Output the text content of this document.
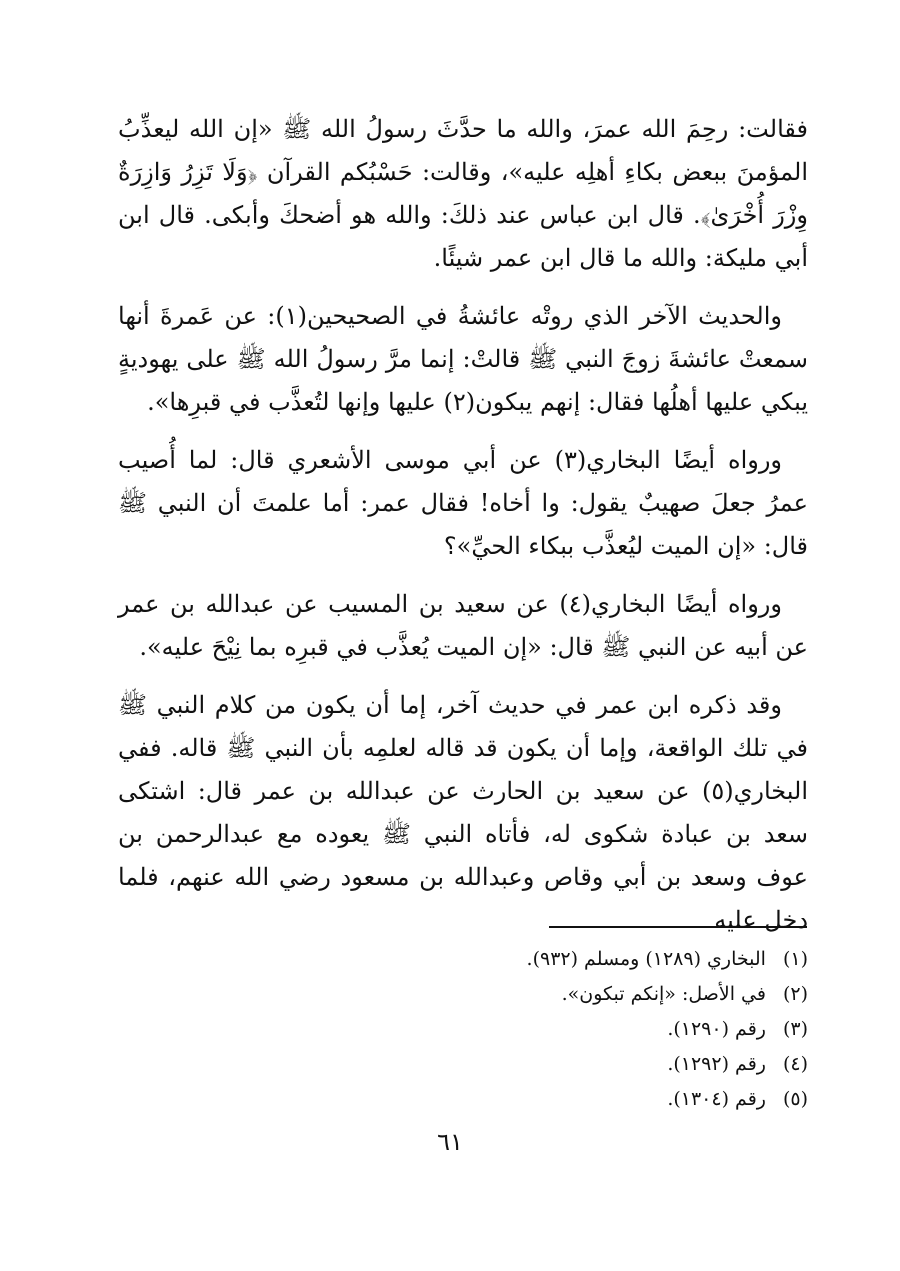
فقالت: رحِمَ الله عمرَ، والله ما حدَّثَ رسولُ الله ﷺ «إن الله ليعذِّبُ المؤمنَ ببعض بكاءِ أهلِه عليه»، وقالت: حَسْبُكم القرآن ﴿وَلَا تَزِرُ وَازِرَةٌ وِزْرَ أُخْرَىٰ﴾. قال ابن عباس عند ذلكَ: والله هو أضحكَ وأبكى. قال ابن أبي مليكة: والله ما قال ابن عمر شيئًا.

والحديث الآخر الذي روتْه عائشةُ في الصحيحين(١): عن عَمرةَ أنها سمعتْ عائشةَ زوجَ النبي ﷺ قالتْ: إنما مرَّ رسولُ الله ﷺ على يهوديةٍ يبكي عليها أهلُها فقال: إنهم يبكون(٢) عليها وإنها لتُعذَّب في قبرِها».

ورواه أيضًا البخاري(٣) عن أبي موسى الأشعري قال: لما أُصيب عمرُ جعلَ صهيبٌ يقول: وا أخاه! فقال عمر: أما علمتَ أن النبي ﷺ قال: «إن الميت ليُعذَّب ببكاء الحيِّ»؟

ورواه أيضًا البخاري(٤) عن سعيد بن المسيب عن عبدالله بن عمر عن أبيه عن النبي ﷺ قال: «إن الميت يُعذَّب في قبرِه بما نِيْحَ عليه».

وقد ذكره ابن عمر في حديث آخر، إما أن يكون من كلام النبي ﷺ في تلك الواقعة، وإما أن يكون قد قاله لعلمِه بأن النبي ﷺ قاله. ففي البخاري(٥) عن سعيد بن الحارث عن عبدالله بن عمر قال: اشتكى سعد بن عبادة شكوى له، فأتاه النبي ﷺ يعوده مع عبدالرحمن بن عوف وسعد بن أبي وقاص وعبدالله بن مسعود رضي الله عنهم، فلما دخل عليه

(١) البخاري (١٢٨٩) ومسلم (٩٣٢).
(٢) في الأصل: «إنكم تبكون».
(٣) رقم (١٢٩٠).
(٤) رقم (١٢٩٢).
(٥) رقم (١٣٠٤).
٦١
